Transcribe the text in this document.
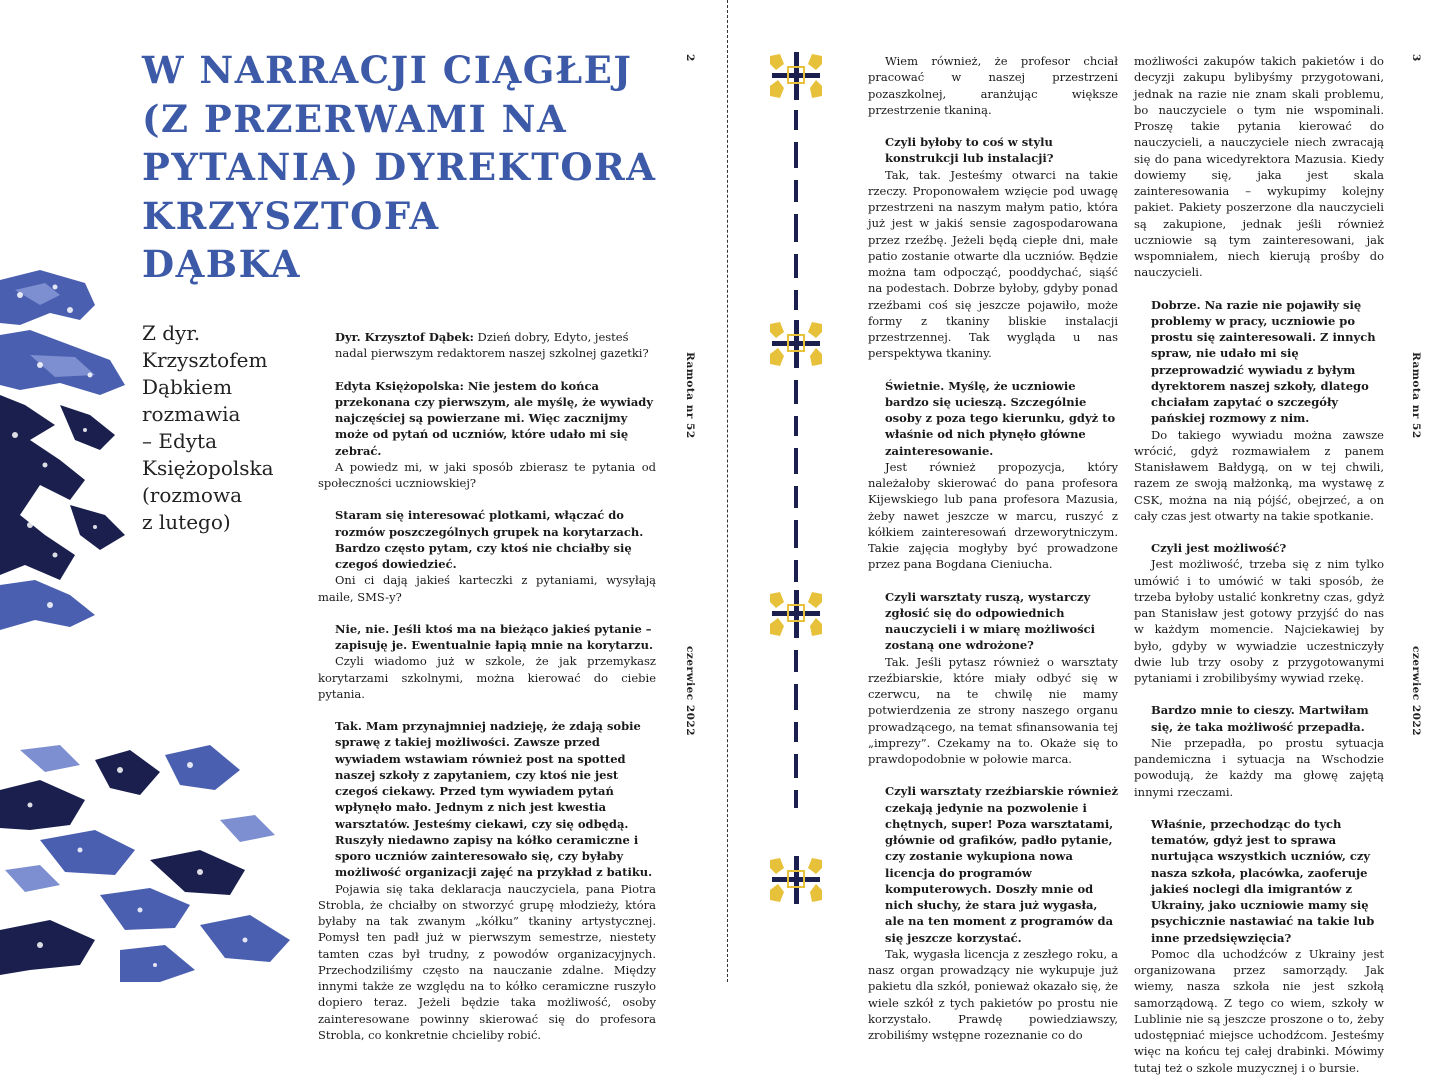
W NARRACJI CIĄGŁEJ
(Z PRZERWAMI NA
PYTANIA) DYREKTORA
KRZYSZTOFA
DĄBKA
Z dyr.
Krzysztofem
Dąbkiem
rozmawia
– Edyta
Księżopolska
(rozmowa
z lutego)

Dyr. Krzysztof Dąbek: Dzień dobry, Edyto, jesteś nadal pierwszym redaktorem naszej szkolnej gazetki?

Edyta Księżopolska: Nie jestem do końca przekonana czy pierwszym, ale myślę, że wywiady najczęściej są powierzane mi. Więc zacznijmy może od pytań od uczniów, które udało mi się zebrać.

A powiedz mi, w jaki sposób zbierasz te pytania od społeczności uczniowskiej?

Staram się interesować plotkami, włączać do rozmów poszczególnych grupek na korytarzach. Bardzo często pytam, czy ktoś nie chciałby się czegoś dowiedzieć.

Oni ci dają jakieś karteczki z pytaniami, wysyłają maile, SMS-y?

Nie, nie. Jeśli ktoś ma na bieżąco jakieś pytanie – zapisuję je. Ewentualnie łapią mnie na korytarzu.

Czyli wiadomo już w szkole, że jak przemykasz korytarzami szkolnymi, można kierować do ciebie pytania.

Tak. Mam przynajmniej nadzieję, że zdają sobie sprawę z takiej możliwości. Zawsze przed wywiadem wstawiam również post na spotted naszej szkoły z zapytaniem, czy ktoś nie jest czegoś ciekawy. Przed tym wywiadem pytań wpłynęło mało. Jednym z nich jest kwestia warsztatów. Jesteśmy ciekawi, czy się odbędą. Ruszyły niedawno zapisy na kółko ceramiczne i sporo uczniów zainteresowało się, czy byłaby możliwość organizacji zajęć na przykład z batiku.

Pojawia się taka deklaracja nauczyciela, pana Piotra Strobla, że chciałby on stworzyć grupę młodzieży, która byłaby na tak zwanym „kółku” tkaniny artystycznej. Pomysł ten padł już w pierwszym semestrze, niestety tamten czas był trudny, z powodów organizacyjnych. Przechodziliśmy często na nauczanie zdalne. Między innymi także ze względu na to kółko ceramiczne ruszyło dopiero teraz. Jeżeli będzie taka możliwość, osoby zainteresowane powinny skierować się do profesora Strobla, co konkretnie chcieliby robić.

2
Ramota nr 52
czerwiec 2022

Wiem również, że profesor chciał pracować w naszej przestrzeni pozaszkolnej, aranżując większe przestrzenie tkaniną.

Czyli byłoby to coś w stylu konstrukcji lub instalacji?

Tak, tak. Jesteśmy otwarci na takie rzeczy. Proponowałem wzięcie pod uwagę przestrzeni na naszym małym patio, która już jest w jakiś sensie zagospodarowana przez rzeźbę. Jeżeli będą ciepłe dni, małe patio zostanie otwarte dla uczniów. Będzie można tam odpocząć, pooddychać, siąść na podestach. Dobrze byłoby, gdyby ponad rzeźbami coś się jeszcze pojawiło, może formy z tkaniny bliskie instalacji przestrzennej. Tak wygląda u nas perspektywa tkaniny.

Świetnie. Myślę, że uczniowie bardzo się ucieszą. Szczególnie osoby z poza tego kierunku, gdyż to właśnie od nich płynęło główne zainteresowanie.

Jest również propozycja, który należałoby skierować do pana profesora Kijewskiego lub pana profesora Mazusia, żeby nawet jeszcze w marcu, ruszyć z kółkiem zainteresowań drzeworytniczym. Takie zajęcia mogłyby być prowadzone przez pana Bogdana Cieniucha.

Czyli warsztaty ruszą, wystarczy zgłosić się do odpowiednich nauczycieli i w miarę możliwości zostaną one wdrożone?

Tak. Jeśli pytasz również o warsztaty rzeźbiarskie, które miały odbyć się w czerwcu, na te chwilę nie mamy potwierdzenia ze strony naszego organu prowadzącego, na temat sfinansowania tej „imprezy”. Czekamy na to. Okaże się to prawdopodobnie w połowie marca.

Czyli warsztaty rzeźbiarskie również czekają jedynie na pozwolenie i chętnych, super! Poza warsztatami, głównie od grafików, padło pytanie, czy zostanie wykupiona nowa licencja do programów komputerowych. Doszły mnie od nich słuchy, że stara już wygasła, ale na ten moment z programów da się jeszcze korzystać.

Tak, wygasła licencja z zeszłego roku, a nasz organ prowadzący nie wykupuje już pakietu dla szkół, ponieważ okazało się, że wiele szkół z tych pakietów po prostu nie korzystało. Prawdę powiedziawszy, zrobiliśmy wstępne rozeznanie co do

możliwości zakupów takich pakietów i do decyzji zakupu bylibyśmy przygotowani, jednak na razie nie znam skali problemu, bo nauczyciele o tym nie wspominali. Proszę takie pytania kierować do nauczycieli, a nauczyciele niech zwracają się do pana wicedyrektora Mazusia. Kiedy dowiemy się, jaka jest skala zainteresowania – wykupimy kolejny pakiet. Pakiety poszerzone dla nauczycieli są zakupione, jednak jeśli również uczniowie są tym zainteresowani, jak wspomniałem, niech kierują prośby do nauczycieli.

Dobrze. Na razie nie pojawiły się problemy w pracy, uczniowie po prostu się zainteresowali. Z innych spraw, nie udało mi się przeprowadzić wywiadu z byłym dyrektorem naszej szkoły, dlatego chciałam zapytać o szczegóły pańskiej rozmowy z nim.

Do takiego wywiadu można zawsze wrócić, gdyż rozmawiałem z panem Stanisławem Bałdygą, on w tej chwili, razem ze swoją małżonką, ma wystawę z CSK, można na nią pójść, obejrzeć, a on cały czas jest otwarty na takie spotkanie.

Czyli jest możliwość?

Jest możliwość, trzeba się z nim tylko umówić i to umówić w taki sposób, że trzeba byłoby ustalić konkretny czas, gdyż pan Stanisław jest gotowy przyjść do nas w każdym momencie. Najciekawiej by było, gdyby w wywiadzie uczestniczyły dwie lub trzy osoby z przygotowanymi pytaniami i zrobilibyśmy wywiad rzekę.

Bardzo mnie to cieszy. Martwiłam się, że taka możliwość przepadła.

Nie przepadła, po prostu sytuacja pandemiczna i sytuacja na Wschodzie powodują, że każdy ma głowę zajętą innymi rzeczami.

Właśnie, przechodząc do tych tematów, gdyż jest to sprawa nurtująca wszystkich uczniów, czy nasza szkoła, placówka, zaoferuje jakieś noclegi dla imigrantów z Ukrainy, jako uczniowie mamy się psychicznie nastawiać na takie lub inne przedsięwzięcia?

Pomoc dla uchodźców z Ukrainy jest organizowana przez samorządy. Jak wiemy, nasza szkoła nie jest szkołą samorządową. Z tego co wiem, szkoły w Lublinie nie są jeszcze proszone o to, żeby udostępniać miejsce uchodźcom. Jesteśmy więc na końcu tej całej drabinki. Mówimy tutaj też o szkole muzycznej i o bursie.

3
Ramota nr 52
czerwiec 2022
